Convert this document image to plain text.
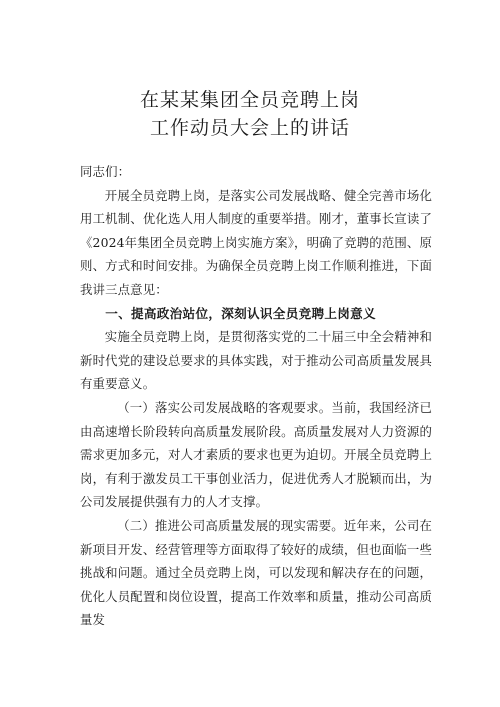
在某某集团全员竞聘上岗
工作动员大会上的讲话

同志们：

开展全员竞聘上岗，是落实公司发展战略、健全完善市场化用工机制、优化选人用人制度的重要举措。刚才，董事长宣读了《2024年集团全员竞聘上岗实施方案》，明确了竞聘的范围、原则、方式和时间安排。为确保全员竞聘上岗工作顺利推进，下面我讲三点意见：

一、提高政治站位，深刻认识全员竞聘上岗意义

实施全员竞聘上岗，是贯彻落实党的二十届三中全会精神和新时代党的建设总要求的具体实践，对于推动公司高质量发展具有重要意义。

（一）落实公司发展战略的客观要求。当前，我国经济已由高速增长阶段转向高质量发展阶段。高质量发展对人力资源的需求更加多元，对人才素质的要求也更为迫切。开展全员竞聘上岗，有利于激发员工干事创业活力，促进优秀人才脱颖而出，为公司发展提供强有力的人才支撑。

（二）推进公司高质量发展的现实需要。近年来，公司在新项目开发、经营管理等方面取得了较好的成绩，但也面临一些挑战和问题。通过全员竞聘上岗，可以发现和解决存在的问题，优化人员配置和岗位设置，提高工作效率和质量，推动公司高质量发
